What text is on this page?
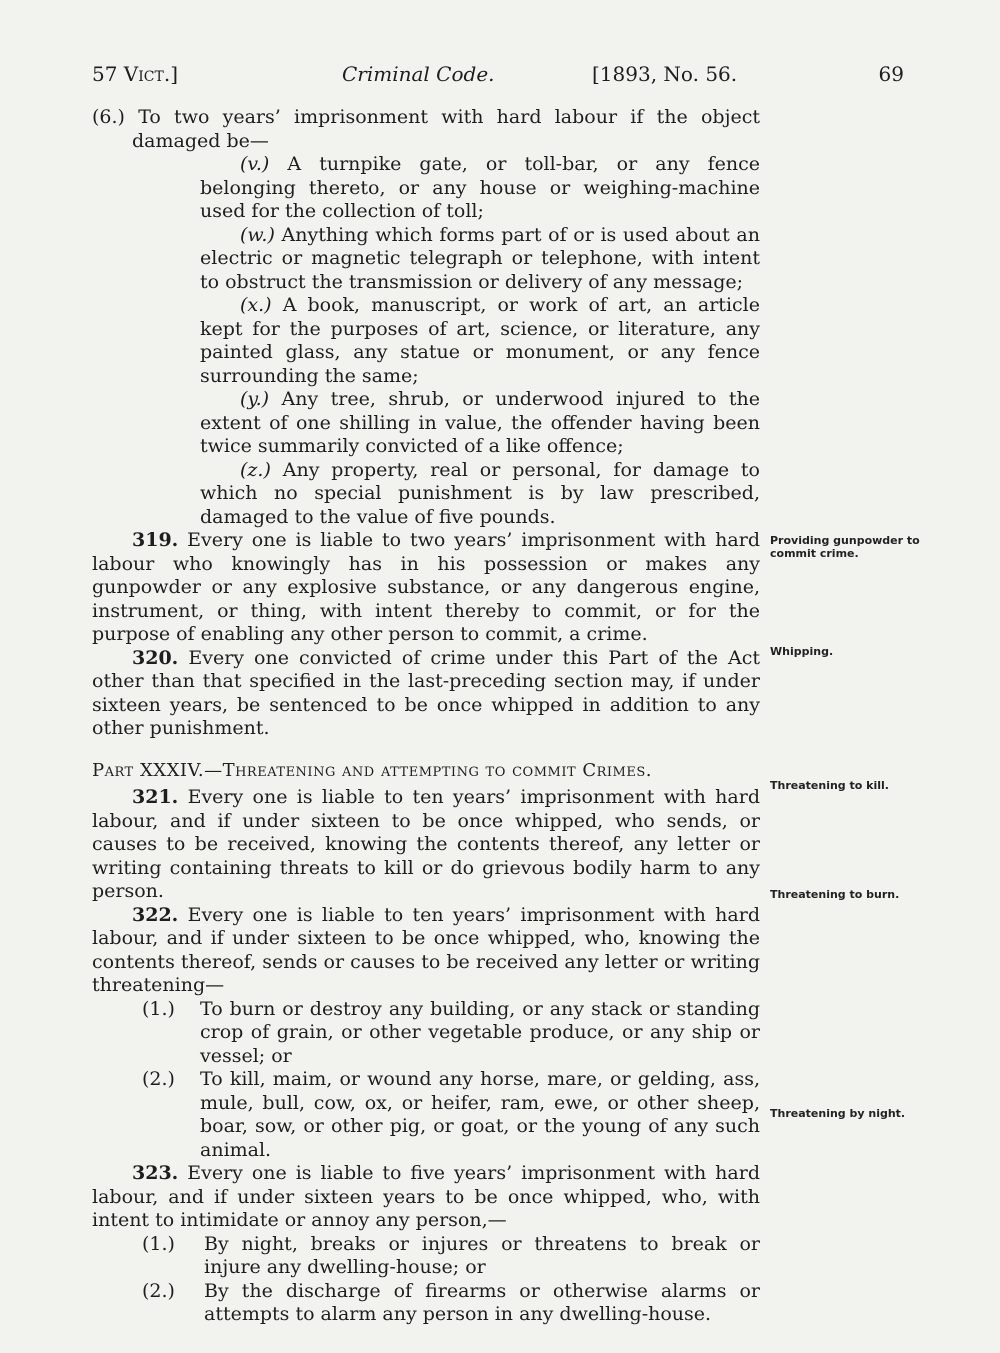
57 Vict.]	Criminal Code.	[1893, No. 56.	69

(6.) To two years’ imprisonment with hard labour if the object damaged be—

(v.) A turnpike gate, or toll-bar, or any fence belonging thereto, or any house or weighing-machine used for the collection of toll;

(w.) Anything which forms part of or is used about an electric or magnetic telegraph or telephone, with intent to obstruct the transmission or delivery of any message;

(x.) A book, manuscript, or work of art, an article kept for the purposes of art, science, or literature, any painted glass, any statue or monument, or any fence surrounding the same;

(y.) Any tree, shrub, or underwood injured to the extent of one shilling in value, the offender having been twice summarily convicted of a like offence;

(z.) Any property, real or personal, for damage to which no special punishment is by law prescribed, damaged to the value of five pounds.

319. Every one is liable to two years’ imprisonment with hard labour who knowingly has in his possession or makes any gunpowder or any explosive substance, or any dangerous engine, instrument, or thing, with intent thereby to commit, or for the purpose of enabling any other person to commit, a crime.

320. Every one convicted of crime under this Part of the Act other than that specified in the last-preceding section may, if under sixteen years, be sentenced to be once whipped in addition to any other punishment.

Part XXXIV.—Threatening and attempting to commit Crimes.

321. Every one is liable to ten years’ imprisonment with hard labour, and if under sixteen to be once whipped, who sends, or causes to be received, knowing the contents thereof, any letter or writing containing threats to kill or do grievous bodily harm to any person.

322. Every one is liable to ten years’ imprisonment with hard labour, and if under sixteen to be once whipped, who, knowing the contents thereof, sends or causes to be received any letter or writing threatening—

(1.) To burn or destroy any building, or any stack or standing crop of grain, or other vegetable produce, or any ship or vessel; or

(2.) To kill, maim, or wound any horse, mare, or gelding, ass, mule, bull, cow, ox, or heifer, ram, ewe, or other sheep, boar, sow, or other pig, or goat, or the young of any such animal.

323. Every one is liable to five years’ imprisonment with hard labour, and if under sixteen years to be once whipped, who, with intent to intimidate or annoy any person,—

(1.) By night, breaks or injures or threatens to break or injure any dwelling-house; or

(2.) By the discharge of firearms or otherwise alarms or attempts to alarm any person in any dwelling-house.

Providing gunpowder to commit crime.
Whipping.
Threatening to kill.
Threatening to burn.
Threatening by night.
